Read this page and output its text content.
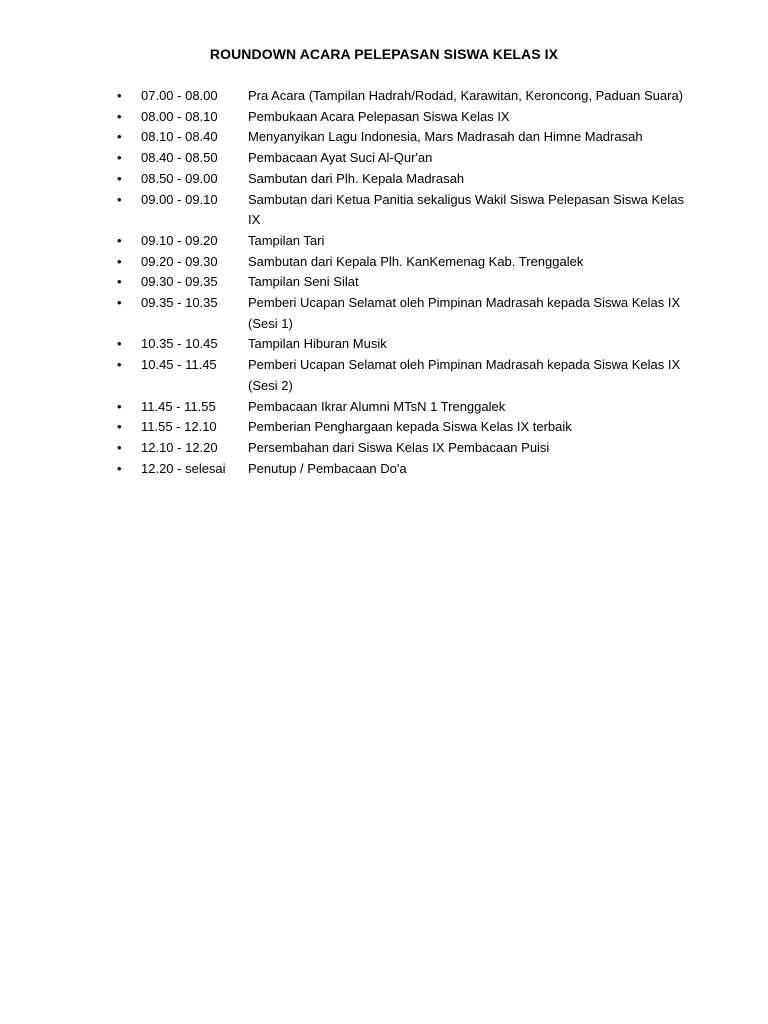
ROUNDOWN ACARA PELEPASAN SISWA KELAS IX
•	07.00 - 08.00	Pra Acara (Tampilan Hadrah/Rodad, Karawitan, Keroncong, Paduan Suara)
•	08.00 - 08.10	Pembukaan Acara Pelepasan Siswa Kelas IX
•	08.10 - 08.40	Menyanyikan Lagu Indonesia, Mars Madrasah dan Himne Madrasah
•	08.40 - 08.50	Pembacaan Ayat Suci Al-Qur'an
•	08.50 - 09.00	Sambutan dari Plh. Kepala Madrasah
•	09.00 - 09.10	Sambutan dari Ketua Panitia sekaligus Wakil Siswa Pelepasan Siswa Kelas IX
•	09.10 - 09.20	Tampilan Tari
•	09.20 - 09.30	Sambutan dari Kepala Plh. KanKemenag Kab. Trenggalek
•	09.30 - 09.35	Tampilan Seni Silat
•	09.35 - 10.35	Pemberi Ucapan Selamat oleh Pimpinan Madrasah kepada Siswa Kelas IX (Sesi 1)
•	10.35 - 10.45	Tampilan Hiburan Musik
•	10.45 - 11.45	Pemberi Ucapan Selamat oleh Pimpinan Madrasah kepada Siswa Kelas IX (Sesi 2)
•	11.45 - 11.55	Pembacaan Ikrar Alumni MTsN 1 Trenggalek
•	11.55 - 12.10	Pemberian Penghargaan kepada Siswa Kelas IX terbaik
•	12.10 - 12.20	Persembahan dari Siswa Kelas IX Pembacaan Puisi
•	12.20 - selesai	Penutup / Pembacaan Do'a
